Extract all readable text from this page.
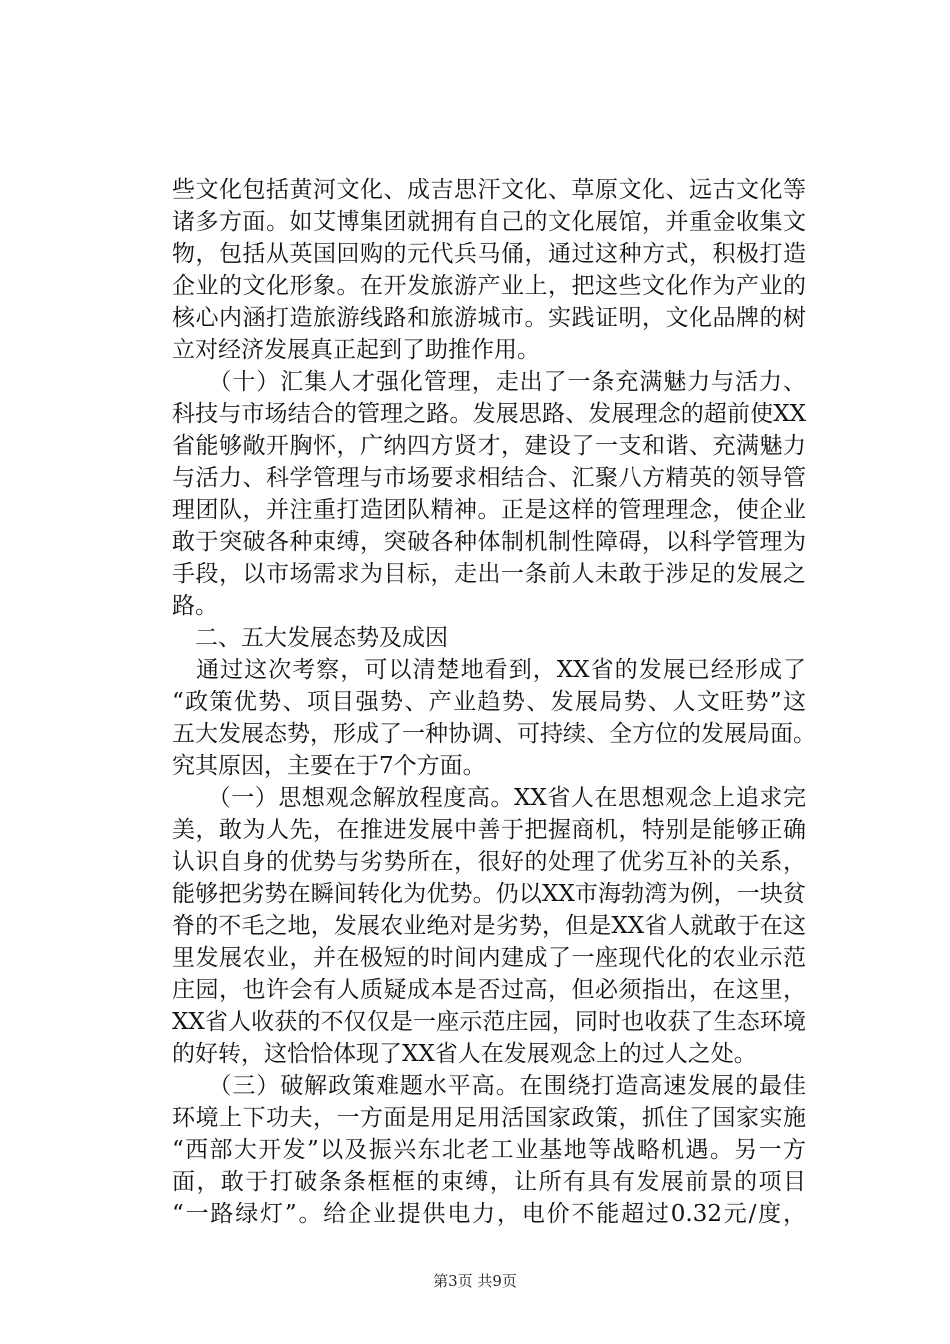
些文化包括黄河文化、成吉思汗文化、草原文化、远古文化等
诸多方面。如艾博集团就拥有自己的文化展馆，并重金收集文
物，包括从英国回购的元代兵马俑，通过这种方式，积极打造
企业的文化形象。在开发旅游产业上，把这些文化作为产业的
核心内涵打造旅游线路和旅游城市。实践证明，文化品牌的树
立对经济发展真正起到了助推作用。
　　（十）汇集人才强化管理，走出了一条充满魅力与活力、
科技与市场结合的管理之路。发展思路、发展理念的超前使XX
省能够敞开胸怀，广纳四方贤才，建设了一支和谐、充满魅力
与活力、科学管理与市场要求相结合、汇聚八方精英的领导管
理团队，并注重打造团队精神。正是这样的管理理念，使企业
敢于突破各种束缚，突破各种体制机制性障碍，以科学管理为
手段，以市场需求为目标，走出一条前人未敢于涉足的发展之
路。
　二、五大发展态势及成因
　通过这次考察，可以清楚地看到，XX省的发展已经形成了
“政策优势、项目强势、产业趋势、发展局势、人文旺势”这
五大发展态势，形成了一种协调、可持续、全方位的发展局面。
究其原因，主要在于7个方面。
　　（一）思想观念解放程度高。XX省人在思想观念上追求完
美，敢为人先，在推进发展中善于把握商机，特别是能够正确
认识自身的优势与劣势所在，很好的处理了优劣互补的关系，
能够把劣势在瞬间转化为优势。仍以XX市海勃湾为例，一块贫
脊的不毛之地，发展农业绝对是劣势，但是XX省人就敢于在这
里发展农业，并在极短的时间内建成了一座现代化的农业示范
庄园，也许会有人质疑成本是否过高，但必须指出，在这里，
XX省人收获的不仅仅是一座示范庄园，同时也收获了生态环境
的好转，这恰恰体现了XX省人在发展观念上的过人之处。
　　（三）破解政策难题水平高。在围绕打造高速发展的最佳
环境上下功夫，一方面是用足用活国家政策，抓住了国家实施
“西部大开发”以及振兴东北老工业基地等战略机遇。另一方
面，敢于打破条条框框的束缚，让所有具有发展前景的项目
“一路绿灯”。给企业提供电力，电价不能超过0.32元/度，
第3页 共9页
